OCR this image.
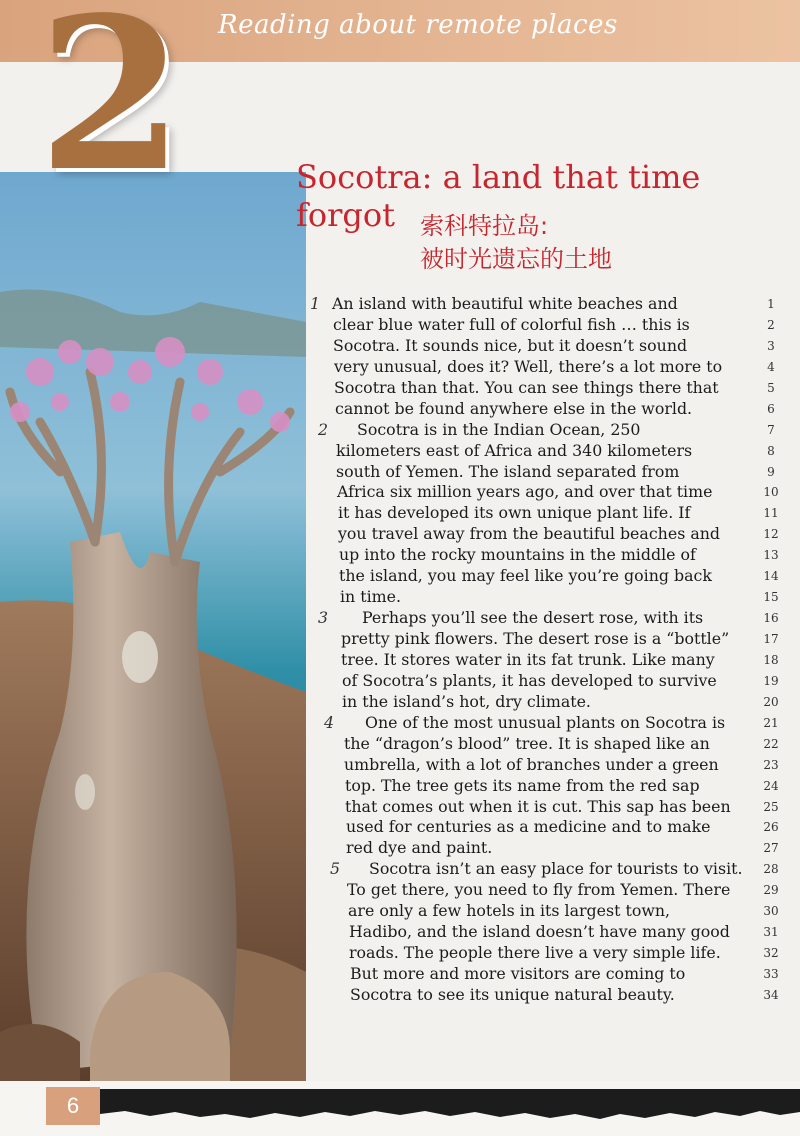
Reading about remote places
2	Socotra: a land that time forgot	索科特拉岛:
被时光遗忘的土地
1 An island with beautiful white beaches and	1
clear blue water full of colorful fish … this is	2
Socotra. It sounds nice, but it doesn’t sound	3
very unusual, does it? Well, there’s a lot more to	4
Socotra than that. You can see things there that	5
cannot be found anywhere else in the world.	6
2	Socotra is in the Indian Ocean, 250	7
kilometers east of Africa and 340 kilometers	8
south of Yemen. The island separated from	9
Africa six million years ago, and over that time	10
it has developed its own unique plant life. If	11
you travel away from the beautiful beaches and	12
up into the rocky mountains in the middle of	13
the island, you may feel like you’re going back	14
in time.	15
3	Perhaps you’ll see the desert rose, with its	16
pretty pink flowers. The desert rose is a “bottle”	17
tree. It stores water in its fat trunk. Like many	18
of Socotra’s plants, it has developed to survive	19
in the island’s hot, dry climate.	20
4	One of the most unusual plants on Socotra is	21
the “dragon’s blood” tree. It is shaped like an	22
umbrella, with a lot of branches under a green	23
top. The tree gets its name from the red sap	24
that comes out when it is cut. This sap has been	25
used for centuries as a medicine and to make	26
red dye and paint.	27
5	Socotra isn’t an easy place for tourists to visit.	28
To get there, you need to fly from Yemen. There	29
are only a few hotels in its largest town,	30
Hadibo, and the island doesn’t have many good	31
roads. The people there live a very simple life.	32
But more and more visitors are coming to	33
Socotra to see its unique natural beauty.	34
6
